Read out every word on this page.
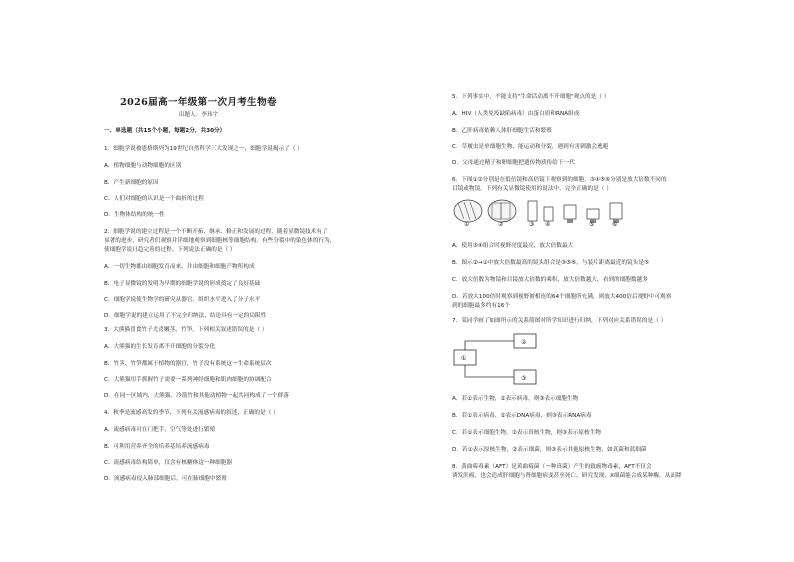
2026届高一年级第一次月考生物卷
出题人：李玮宇
一、单选题（共15个小题，每题2分，共30分）
1．细胞学说被恩格斯列为19世纪自然科学三大发现之一，细胞学说揭示了（ ）
A．植物细胞与动物细胞的区别
B．产生新细胞的原因
C．人们对细胞的认识是一个曲折的过程
D．生物体结构的统一性
2．细胞学说的建立过程是一个不断开拓、继承、修正和发展的过程，随着显微镜技术有了
显著的进步，研究者们观察并详细地观察到细胞核等细胞结构，有些分裂中的染色体的行为，
使细胞学说日趋完善的过程。下列说法正确的是（ ）
A．一切生物都由细胞发育而来，并由细胞和细胞产物所构成
B．电子显微镜的发明为早期的细胞学说的形成奠定了良好基础
C．细胞学说使生物学的研究从器官、组织水平进入了分子水平
D．细胞学说的建立运用了不完全归纳法，结论具有一定的局限性
3．大熊猫喜食竹子尤喜嫩茎、竹笋。下列相关叙述错误的是（ ）
A．大熊猫的生长发育离不开细胞的分裂分化
B．竹茎、竹笋都属于植物的器官，竹子没有系统这一生命系统层次
C．大熊猫用手抓握竹子需要一系列神经细胞和肌肉细胞的协调配合
D．在同一区域内，大熊猫、冷箭竹和其他动植物一起共同构成了一个群落
4．秋季是流感高发的季节，下列有关流感病毒的叙述，正确的是（ ）
A．流感病毒可在门把手、空气等处进行繁殖
B．可利用营养齐全的培养基培养流感病毒
C．流感病毒结构简单，仅含有核糖体这一种细胞器
D．流感病毒侵入肺部细胞后，可在肺细胞中繁殖
5．下列事实中，不能支持"生命活动离不开细胞"观点的是（ ）
A．HIV（人类免疫缺陷病毒）由蛋白质和RNA组成
B．乙肝病毒依赖人体肝细胞生活和繁殖
C．草履虫是单细胞生物，能运动和分裂，遇到有害刺激会逃避
D．父母通过精子和卵细胞把遗传物质传给下一代
6．下图①②分别是在低倍镜和高倍镜下观察到的细胞，③④⑤⑥分别是放大倍数不同的
目镜或物镜。下列有关显微镜使用的说法中，完全正确的是（ ）
①	②	③ ④	⑤	⑥
A．使用③④组合时视野亮度最亮，放大倍数最大
B．图示②→①中放大倍数最高的镜头组合是③⑤⑥，与装片距离最近的镜头是⑤
C．放大倍数为物镜和目镜放大倍数的乘积，放大倍数越大，看到的细胞数越多
D．若放大100倍时观察到视野被相连的64个细胞所充满，则放大400倍后视野中可观察
到的细胞最多约有16个
7．某同学画了如图所示的关系简图对所学知识进行归纳，下列对应关系错误的是（ ）
①
②
③
A．若①表示生物，②表示病毒，则③表示细胞生物
B．若①表示病毒，②表示DNA病毒，则③表示RNA病毒
C．若①表示细胞生物，②表示真核生物，则③表示原核生物
D．若①表示原核生物，②表示细菌，则③表示其他原核生物，如真菌和蓝细菌
8．黄曲霉毒素（AFT）是黄曲霉菌（一种真菌）产生的致癌物毒素，AFT不仅会
诱发肝癌，也会造成肝细胞与肾细胞病变甚至死亡。研究发现，X细菌能合成某种酶，从而降
